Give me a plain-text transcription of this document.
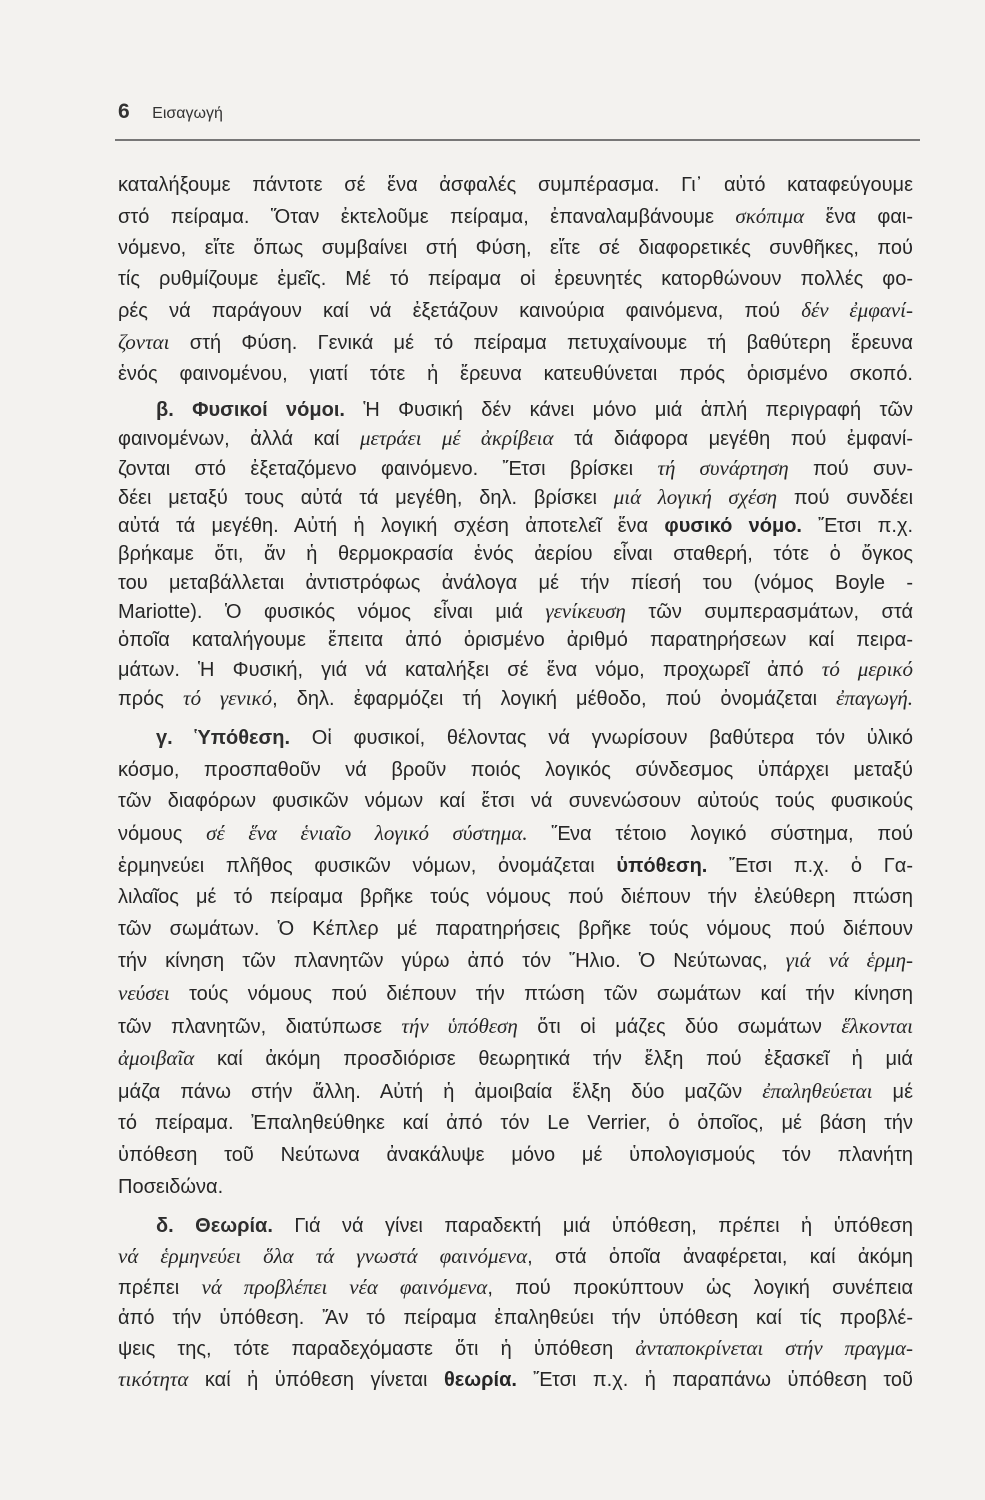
6 Εισαγωγή
καταλήξουμε πάντοτε σέ ἕνα ἀσφαλές συμπέρασμα. Γι᾽ αὐτό καταφεύγουμε
στό πείραμα. Ὅταν ἐκτελοῦμε πείραμα, ἐπαναλαμβάνουμε σκόπιμα ἕνα φαι-
νόμενο, εἴτε ὅπως συμβαίνει στή Φύση, εἴτε σέ διαφορετικές συνθῆκες, πού
τίς ρυθμίζουμε ἐμεῖς. Μέ τό πείραμα οἱ ἐρευνητές κατορθώνουν πολλές φο-
ρές νά παράγουν καί νά ἐξετάζουν καινούρια φαινόμενα, πού δέν ἐμφανί-
ζονται στή Φύση. Γενικά μέ τό πείραμα πετυχαίνουμε τή βαθύτερη ἔρευνα
ἑνός φαινομένου, γιατί τότε ἡ ἔρευνα κατευθύνεται πρός ὁρισμένο σκοπό.
β. Φυσικοί νόμοι. Ἡ Φυσική δέν κάνει μόνο μιά ἁπλή περιγραφή τῶν
φαινομένων, ἀλλά καί μετράει μέ ἀκρίβεια τά διάφορα μεγέθη πού ἐμφανί-
ζονται στό ἐξεταζόμενο φαινόμενο. Ἔτσι βρίσκει τή συνάρτηση πού συν-
δέει μεταξύ τους αὐτά τά μεγέθη, δηλ. βρίσκει μιά λογική σχέση πού συνδέει
αὐτά τά μεγέθη. Αὐτή ἡ λογική σχέση ἀποτελεῖ ἕνα φυσικό νόμο. Ἔτσι π.χ.
βρήκαμε ὅτι, ἄν ἡ θερμοκρασία ἑνός ἀερίου εἶναι σταθερή, τότε ὁ ὄγκος
του μεταβάλλεται ἀντιστρόφως ἀνάλογα μέ τήν πίεσή του (νόμος Boyle -
Mariotte). Ὁ φυσικός νόμος εἶναι μιά γενίκευση τῶν συμπερασμάτων, στά
ὁποῖα καταλήγουμε ἔπειτα ἀπό ὁρισμένο ἀριθμό παρατηρήσεων καί πειρα-
μάτων. Ἡ Φυσική, γιά νά καταλήξει σέ ἕνα νόμο, προχωρεῖ ἀπό τό μερικό
πρός τό γενικό, δηλ. ἐφαρμόζει τή λογική μέθοδο, πού ὀνομάζεται ἐπαγωγή.
γ. Ὑπόθεση. Οἱ φυσικοί, θέλοντας νά γνωρίσουν βαθύτερα τόν ὑλικό
κόσμο, προσπαθοῦν νά βροῦν ποιός λογικός σύνδεσμος ὑπάρχει μεταξύ
τῶν διαφόρων φυσικῶν νόμων καί ἔτσι νά συνενώσουν αὐτούς τούς φυσικούς
νόμους σέ ἕνα ἑνιαῖο λογικό σύστημα. Ἕνα τέτοιο λογικό σύστημα, πού
ἑρμηνεύει πλῆθος φυσικῶν νόμων, ὀνομάζεται ὑπόθεση. Ἔτσι π.χ. ὁ Γα-
λιλαῖος μέ τό πείραμα βρῆκε τούς νόμους πού διέπουν τήν ἐλεύθερη πτώση
τῶν σωμάτων. Ὁ Κέπλερ μέ παρατηρήσεις βρῆκε τούς νόμους πού διέπουν
τήν κίνηση τῶν πλανητῶν γύρω ἀπό τόν Ἥλιο. Ὁ Νεύτωνας, γιά νά ἑρμη-
νεύσει τούς νόμους πού διέπουν τήν πτώση τῶν σωμάτων καί τήν κίνηση
τῶν πλανητῶν, διατύπωσε τήν ὑπόθεση ὅτι οἱ μάζες δύο σωμάτων ἕλκονται
ἀμοιβαῖα καί ἀκόμη προσδιόρισε θεωρητικά τήν ἕλξη πού ἐξασκεῖ ἡ μιά
μάζα πάνω στήν ἄλλη. Αὐτή ἡ ἀμοιβαία ἕλξη δύο μαζῶν ἐπαληθεύεται μέ
τό πείραμα. Ἐπαληθεύθηκε καί ἀπό τόν Le Verrier, ὁ ὁποῖος, μέ βάση τήν
ὑπόθεση τοῦ Νεύτωνα ἀνακάλυψε μόνο μέ ὑπολογισμούς τόν πλανήτη
Ποσειδώνα.
δ. Θεωρία. Γιά νά γίνει παραδεκτή μιά ὑπόθεση, πρέπει ἡ ὑπόθεση
νά ἑρμηνεύει ὅλα τά γνωστά φαινόμενα, στά ὁποῖα ἀναφέρεται, καί ἀκόμη
πρέπει νά προβλέπει νέα φαινόμενα, πού προκύπτουν ὡς λογική συνέπεια
ἀπό τήν ὑπόθεση. Ἄν τό πείραμα ἐπαληθεύει τήν ὑπόθεση καί τίς προβλέ-
ψεις της, τότε παραδεχόμαστε ὅτι ἡ ὑπόθεση ἀνταποκρίνεται στήν πραγμα-
τικότητα καί ἡ ὑπόθεση γίνεται θεωρία. Ἔτσι π.χ. ἡ παραπάνω ὑπόθεση τοῦ
